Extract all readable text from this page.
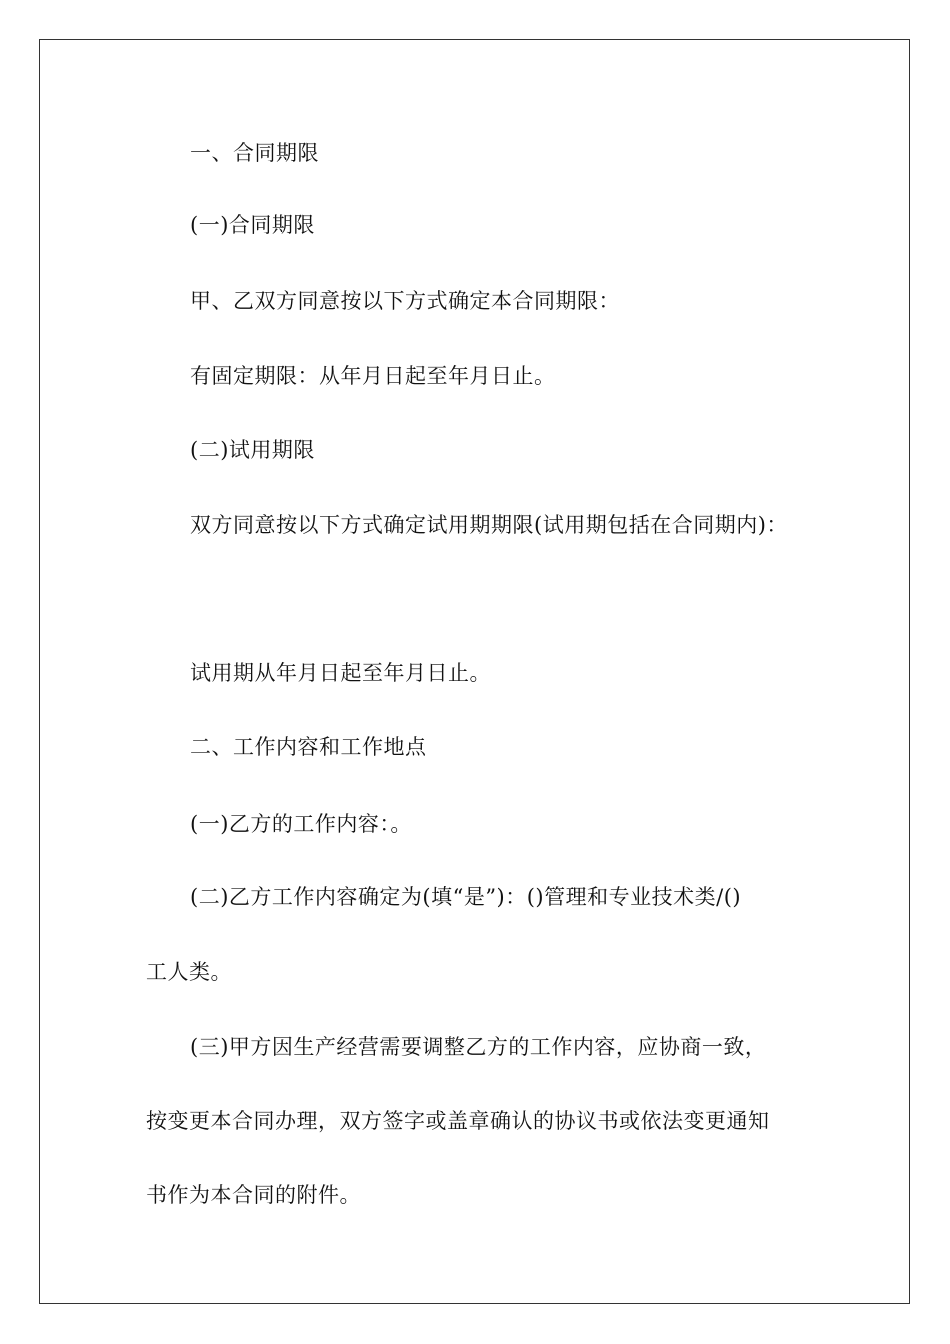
一、合同期限
(一)合同期限
甲、乙双方同意按以下方式确定本合同期限：
有固定期限：从年月日起至年月日止。
(二)试用期限
双方同意按以下方式确定试用期期限(试用期包括在合同期内)：
试用期从年月日起至年月日止。
二、工作内容和工作地点
(一)乙方的工作内容：。
(二)乙方工作内容确定为(填“是”)：()管理和专业技术类/()
工人类。
(三)甲方因生产经营需要调整乙方的工作内容，应协商一致，
按变更本合同办理，双方签字或盖章确认的协议书或依法变更通知
书作为本合同的附件。
